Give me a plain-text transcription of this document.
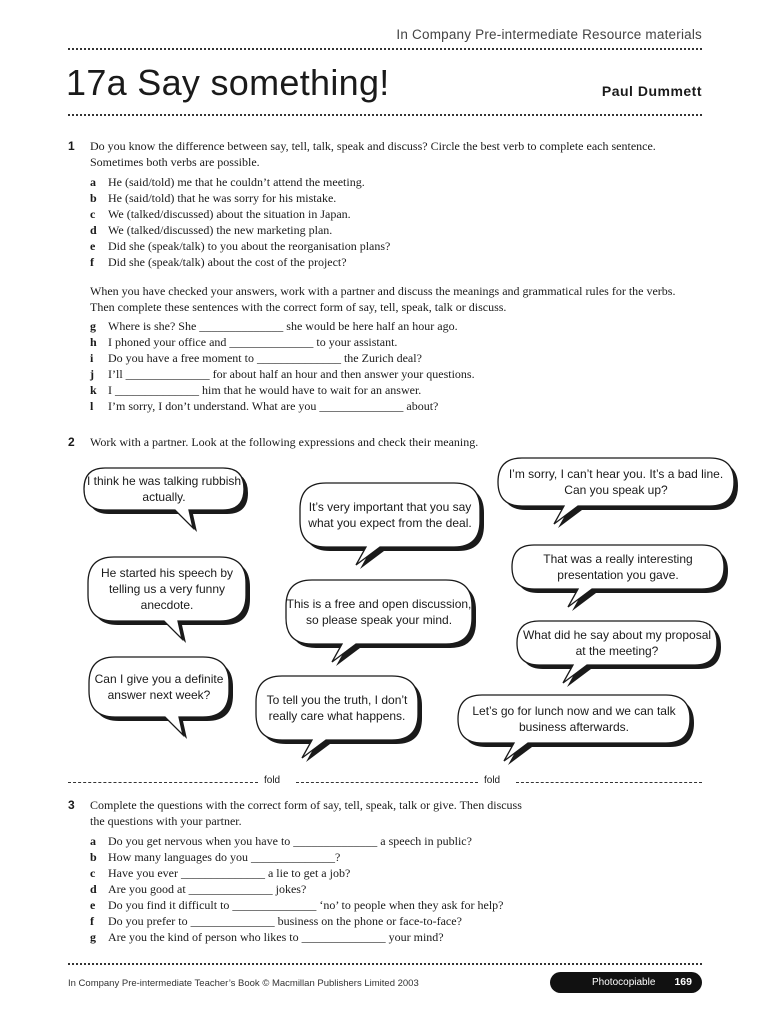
In Company Pre-intermediate Resource materials
17a Say something!	Paul Dummett
1 Do you know the difference between say, tell, talk, speak and discuss? Circle the best verb to complete each sentence. Sometimes both verbs are possible.
a He (said/told) me that he couldn’t attend the meeting.
b He (said/told) that he was sorry for his mistake.
c We (talked/discussed) about the situation in Japan.
d We (talked/discussed) the new marketing plan.
e Did she (speak/talk) to you about the reorganisation plans?
f Did she (speak/talk) about the cost of the project?
When you have checked your answers, work with a partner and discuss the meanings and grammatical rules for the verbs. Then complete these sentences with the correct form of say, tell, speak, talk or discuss.
g Where is she? She ______________ she would be here half an hour ago.
h I phoned your office and ______________ to your assistant.
i Do you have a free moment to ______________ the Zurich deal?
j I’ll ______________ for about half an hour and then answer your questions.
k I ______________ him that he would have to wait for an answer.
l I’m sorry, I don’t understand. What are you ______________ about?
2 Work with a partner. Look at the following expressions and check their meaning.
I think he was talking rubbish actually.
It’s very important that you say what you expect from the deal.
I’m sorry, I can’t hear you. It’s a bad line. Can you speak up?
He started his speech by telling us a very funny anecdote.	This is a free and open discussion, so please speak your mind.
That was a really interesting presentation you gave.
What did he say about my proposal at the meeting?
Can I give you a definite answer next week?	To tell you the truth, I don’t really care what happens.	Let’s go for lunch now and we can talk business afterwards.
fold	fold
3 Complete the questions with the correct form of say, tell, speak, talk or give. Then discuss the questions with your partner.
a Do you get nervous when you have to ______________ a speech in public?
b How many languages do you ______________?
c Have you ever ______________ a lie to get a job?
d Are you good at ______________ jokes?
e Do you find it difficult to ______________ ‘no’ to people when they ask for help?
f Do you prefer to ______________ business on the phone or face-to-face?
g Are you the kind of person who likes to ______________ your mind?
In Company Pre-intermediate Teacher’s Book © Macmillan Publishers Limited 2003	Photocopiable 169
